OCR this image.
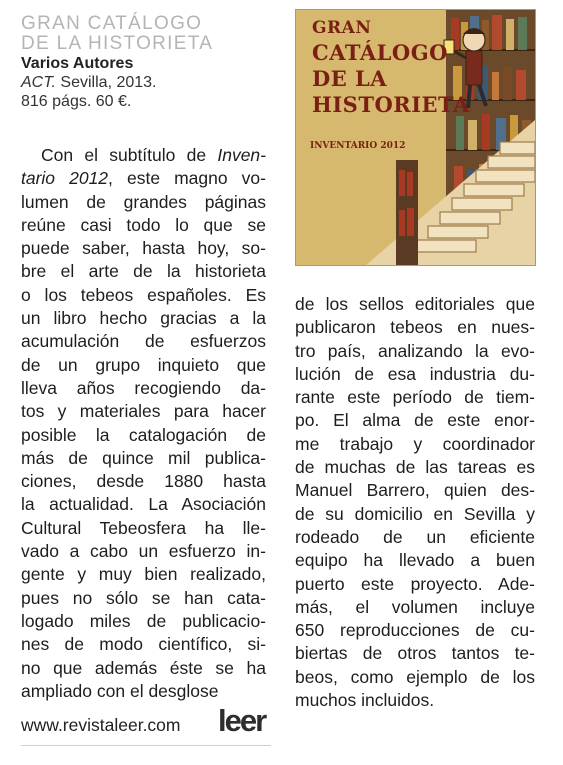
GRAN CATÁLOGO
DE LA HISTORIETA
Varios Autores
ACT. Sevilla, 2013.
816 págs. 60 €.
GRAN
CATÁLOGO
DE LA
HISTORIETA
INVENTARIO 2012
Con el subtítulo de Inven-
tario 2012, este magno vo-
lumen de grandes páginas
reúne casi todo lo que se
puede saber, hasta hoy, so-
bre el arte de la historieta
o los tebeos españoles. Es
un libro hecho gracias a la
acumulación de esfuerzos
de un grupo inquieto que
lleva años recogiendo da-
tos y materiales para hacer
posible la catalogación de
más de quince mil publica-
ciones, desde 1880 hasta
la actualidad. La Asociación
Cultural Tebeosfera ha lle-
vado a cabo un esfuerzo in-
gente y muy bien realizado,
pues no sólo se han cata-
logado miles de publicacio-
nes de modo científico, si-
no que además éste se ha
ampliado con el desglose
de los sellos editoriales que
publicaron tebeos en nues-
tro país, analizando la evo-
lución de esa industria du-
rante este período de tiem-
po. El alma de este enor-
me trabajo y coordinador
de muchas de las tareas es
Manuel Barrero, quien des-
de su domicilio en Sevilla y
rodeado de un eficiente
equipo ha llevado a buen
puerto este proyecto. Ade-
más, el volumen incluye
650 reproducciones de cu-
biertas de otros tantos te-
beos, como ejemplo de los
muchos incluidos.
www.revistaleer.com leer
